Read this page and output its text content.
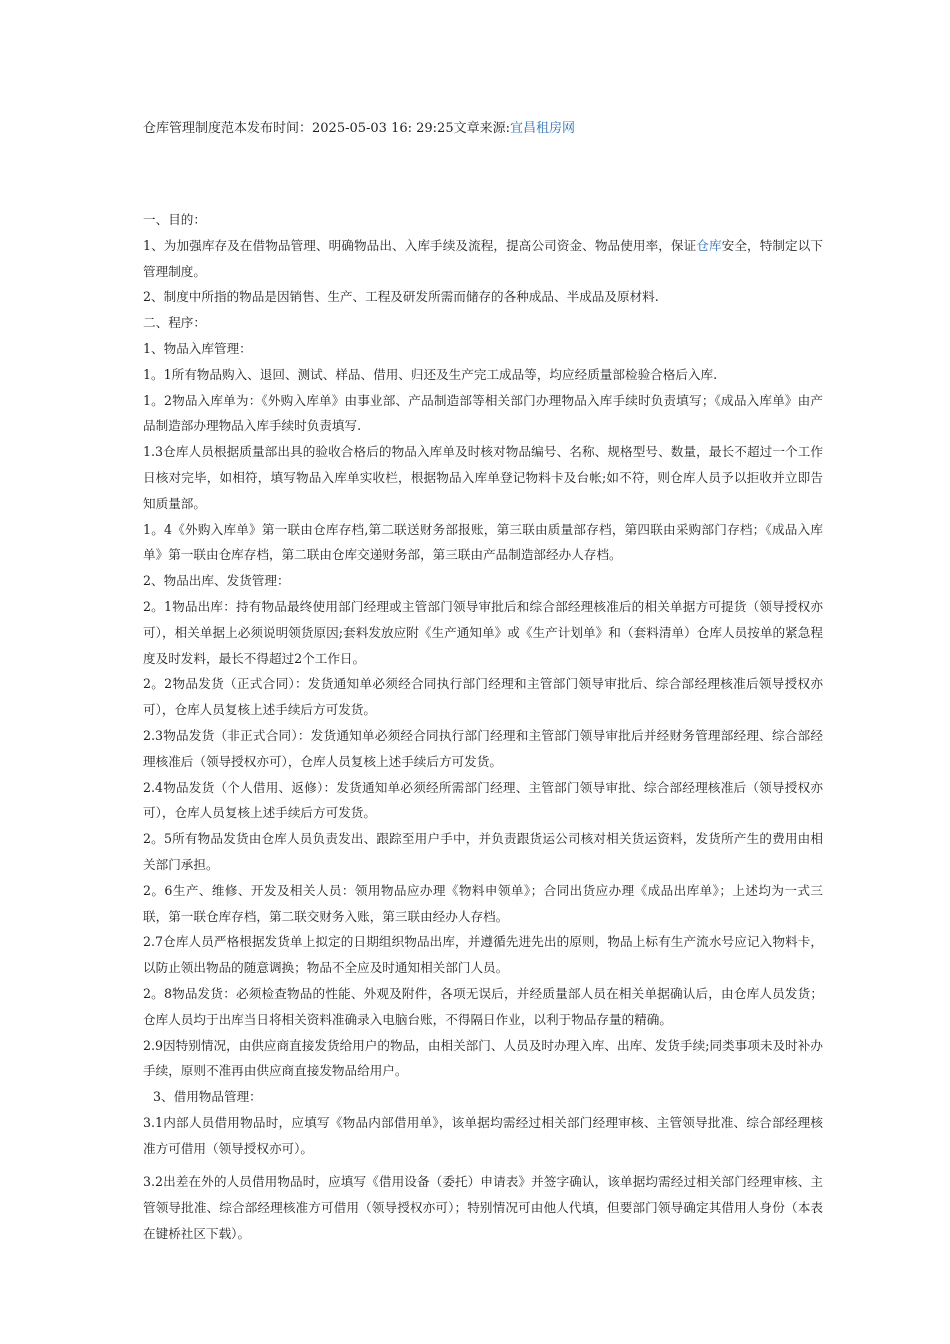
仓库管理制度范本发布时间：2025-05-03 16: 29:25文章来源:宜昌租房网

一、目的：

1、为加强库存及在借物品管理、明确物品出、入库手续及流程，提高公司资金、物品使用率，保证仓库安全，特制定以下管理制度。

2、制度中所指的物品是因销售、生产、工程及研发所需而储存的各种成品、半成品及原材料.

二、程序：

1、物品入库管理：

1。1所有物品购入、退回、测试、样品、借用、归还及生产完工成品等，均应经质量部检验合格后入库.

1。2物品入库单为：《外购入库单》由事业部、产品制造部等相关部门办理物品入库手续时负责填写；《成品入库单》由产品制造部办理物品入库手续时负责填写.

1.3仓库人员根据质量部出具的验收合格后的物品入库单及时核对物品编号、名称、规格型号、数量，最长不超过一个工作日核对完毕，如相符，填写物品入库单实收栏，根据物品入库单登记物料卡及台帐;如不符，则仓库人员予以拒收并立即告知质量部。

1。4《外购入库单》第一联由仓库存档,第二联送财务部报账，第三联由质量部存档，第四联由采购部门存档；《成品入库单》第一联由仓库存档，第二联由仓库交递财务部，第三联由产品制造部经办人存档。

2、物品出库、发货管理：

2。1物品出库：持有物品最终使用部门经理或主管部门领导审批后和综合部经理核准后的相关单据方可提货（领导授权亦可），相关单据上必须说明领货原因;套料发放应附《生产通知单》或《生产计划单》和（套料清单）仓库人员按单的紧急程度及时发料，最长不得超过2个工作日。

2。2物品发货（正式合同）：发货通知单必须经合同执行部门经理和主管部门领导审批后、综合部经理核准后领导授权亦可），仓库人员复核上述手续后方可发货。

2.3物品发货（非正式合同）：发货通知单必须经合同执行部门经理和主管部门领导审批后并经财务管理部经理、综合部经理核准后（领导授权亦可），仓库人员复核上述手续后方可发货。

2.4物品发货（个人借用、返修）：发货通知单必须经所需部门经理、主管部门领导审批、综合部经理核准后（领导授权亦可），仓库人员复核上述手续后方可发货。

2。5所有物品发货由仓库人员负责发出、跟踪至用户手中，并负责跟货运公司核对相关货运资料，发货所产生的费用由相关部门承担。

2。6生产、维修、开发及相关人员：领用物品应办理《物料申领单》；合同出货应办理《成品出库单》；上述均为一式三联，第一联仓库存档，第二联交财务入账，第三联由经办人存档。

2.7仓库人员严格根据发货单上拟定的日期组织物品出库，并遵循先进先出的原则，物品上标有生产流水号应记入物料卡，以防止领出物品的随意调换；物品不全应及时通知相关部门人员。

2。8物品发货：必须检查物品的性能、外观及附件，各项无误后，并经质量部人员在相关单据确认后，由仓库人员发货；仓库人员均于出库当日将相关资料准确录入电脑台账，不得隔日作业，以利于物品存量的精确。

2.9因特别情况，由供应商直接发货给用户的物品，由相关部门、人员及时办理入库、出库、发货手续;同类事项未及时补办手续，原则不准再由供应商直接发物品给用户。

3、借用物品管理：

3.1内部人员借用物品时，应填写《物品内部借用单》，该单据均需经过相关部门经理审核、主管领导批准、综合部经理核准方可借用（领导授权亦可）。

3.2出差在外的人员借用物品时，应填写《借用设备（委托）申请表》并签字确认，该单据均需经过相关部门经理审核、主管领导批准、综合部经理核准方可借用（领导授权亦可）；特别情况可由他人代填，但要部门领导确定其借用人身份（本表在键桥社区下载）。
